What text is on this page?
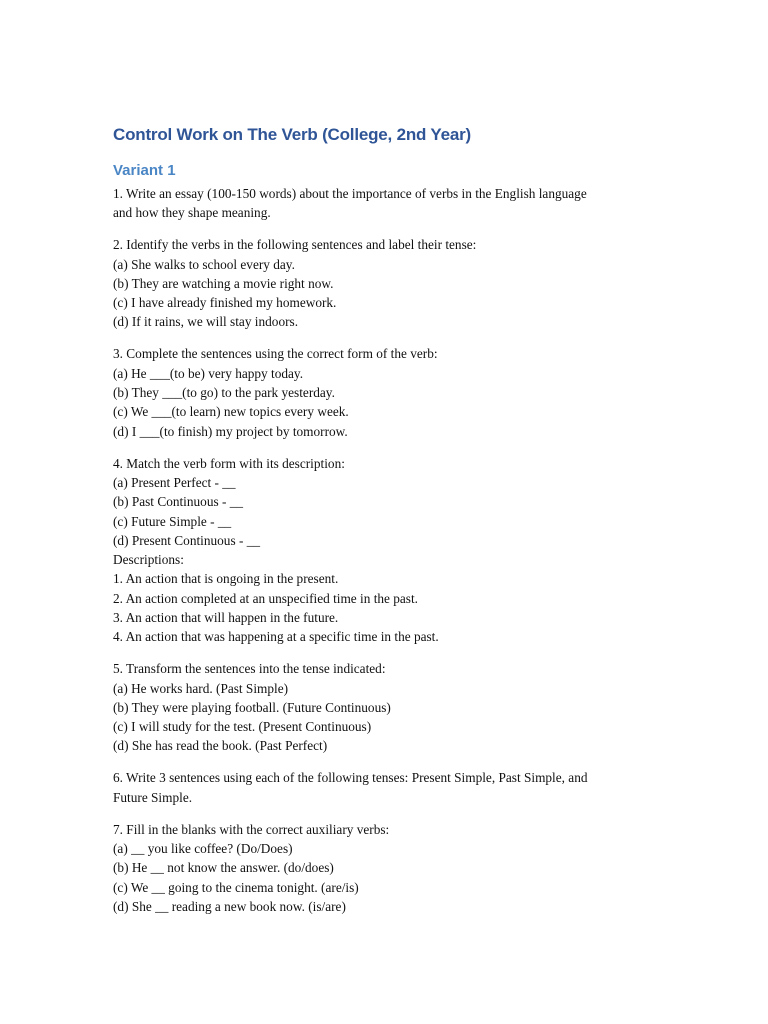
Control Work on The Verb (College, 2nd Year)
Variant 1

1. Write an essay (100-150 words) about the importance of verbs in the English language

and how they shape meaning.

2. Identify the verbs in the following sentences and label their tense:

(a) She walks to school every day.

(b) They are watching a movie right now.

(c) I have already finished my homework.

(d) If it rains, we will stay indoors.

3. Complete the sentences using the correct form of the verb:

(a) He ___(to be) very happy today.

(b) They ___(to go) to the park yesterday.

(c) We ___(to learn) new topics every week.

(d) I ___(to finish) my project by tomorrow.

4. Match the verb form with its description:

(a) Present Perfect - __

(b) Past Continuous - __

(c) Future Simple - __

(d) Present Continuous - __

Descriptions:

1. An action that is ongoing in the present.

2. An action completed at an unspecified time in the past.

3. An action that will happen in the future.

4. An action that was happening at a specific time in the past.

5. Transform the sentences into the tense indicated:

(a) He works hard. (Past Simple)

(b) They were playing football. (Future Continuous)

(c) I will study for the test. (Present Continuous)

(d) She has read the book. (Past Perfect)

6. Write 3 sentences using each of the following tenses: Present Simple, Past Simple, and

Future Simple.

7. Fill in the blanks with the correct auxiliary verbs:

(a) __ you like coffee? (Do/Does)

(b) He __ not know the answer. (do/does)

(c) We __ going to the cinema tonight. (are/is)

(d) She __ reading a new book now. (is/are)
